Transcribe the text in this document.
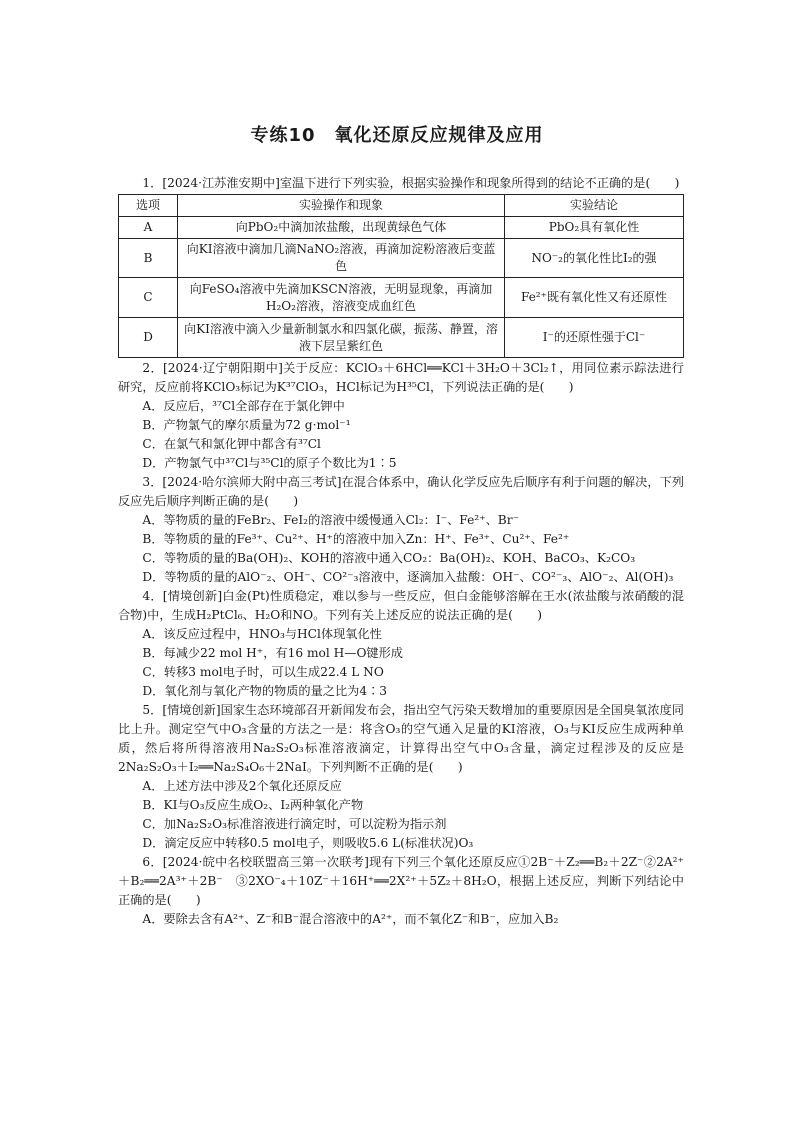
专练10　氧化还原反应规律及应用

1．[2024·江苏淮安期中]室温下进行下列实验，根据实验操作和现象所得到的结论不正确的是(　　)

选项	实验操作和现象	实验结论
A	向PbO₂中滴加浓盐酸，出现黄绿色气体	PbO₂具有氧化性
B	向KI溶液中滴加几滴NaNO₂溶液，再滴加淀粉溶液后变蓝色	NO⁻₂的氧化性比I₂的强
C	向FeSO₄溶液中先滴加KSCN溶液，无明显现象，再滴加H₂O₂溶液，溶液变成血红色	Fe²⁺既有氧化性又有还原性
D	向KI溶液中滴入少量新制氯水和四氯化碳，振荡、静置，溶液下层呈紫红色	I⁻的还原性强于Cl⁻

2．[2024·辽宁朝阳期中]关于反应：KClO₃＋6HCl══KCl＋3H₂O＋3Cl₂↑，用同位素示踪法进行研究，反应前将KClO₃标记为K³⁷ClO₃，HCl标记为H³⁵Cl，下列说法正确的是(　　)

A．反应后，³⁷Cl全部存在于氯化钾中

B．产物氯气的摩尔质量为72 g·mol⁻¹

C．在氯气和氯化钾中都含有³⁷Cl

D．产物氯气中³⁷Cl与³⁵Cl的原子个数比为1∶5

3．[2024·哈尔滨师大附中高三考试]在混合体系中，确认化学反应先后顺序有利于问题的解决，下列反应先后顺序判断正确的是(　　)

A．等物质的量的FeBr₂、FeI₂的溶液中缓慢通入Cl₂：I⁻、Fe²⁺、Br⁻

B．等物质的量的Fe³⁺、Cu²⁺、H⁺的溶液中加入Zn：H⁺、Fe³⁺、Cu²⁺、Fe²⁺

C．等物质的量的Ba(OH)₂、KOH的溶液中通入CO₂：Ba(OH)₂、KOH、BaCO₃、K₂CO₃

D．等物质的量的AlO⁻₂、OH⁻、CO²⁻₃溶液中，逐滴加入盐酸：OH⁻、CO²⁻₃、AlO⁻₂、Al(OH)₃

4．[情境创新]白金(Pt)性质稳定，难以参与一些反应，但白金能够溶解在王水(浓盐酸与浓硝酸的混合物)中，生成H₂PtCl₆、H₂O和NO。下列有关上述反应的说法正确的是(　　)

A．该反应过程中，HNO₃与HCl体现氧化性

B．每减少22 mol H⁺，有16 mol H—O键形成

C．转移3 mol电子时，可以生成22.4 L NO

D．氧化剂与氧化产物的物质的量之比为4∶3

5．[情境创新]国家生态环境部召开新闻发布会，指出空气污染天数增加的重要原因是全国臭氧浓度同比上升。测定空气中O₃含量的方法之一是：将含O₃的空气通入足量的KI溶液，O₃与KI反应生成两种单质，然后将所得溶液用Na₂S₂O₃标准溶液滴定，计算得出空气中O₃含量，滴定过程涉及的反应是2Na₂S₂O₃＋I₂══Na₂S₄O₆＋2NaI。下列判断不正确的是(　　)

A．上述方法中涉及2个氧化还原反应

B．KI与O₃反应生成O₂、I₂两种氧化产物

C．加Na₂S₂O₃标准溶液进行滴定时，可以淀粉为指示剂

D．滴定反应中转移0.5 mol电子，则吸收5.6 L(标准状况)O₃

6．[2024·皖中名校联盟高三第一次联考]现有下列三个氧化还原反应①2B⁻＋Z₂══B₂＋2Z⁻②2A²⁺＋B₂══2A³⁺＋2B⁻　③2XO⁻₄＋10Z⁻＋16H⁺══2X²⁺＋5Z₂＋8H₂O，根据上述反应，判断下列结论中正确的是(　　)

A．要除去含有A²⁺、Z⁻和B⁻混合溶液中的A²⁺，而不氧化Z⁻和B⁻，应加入B₂
